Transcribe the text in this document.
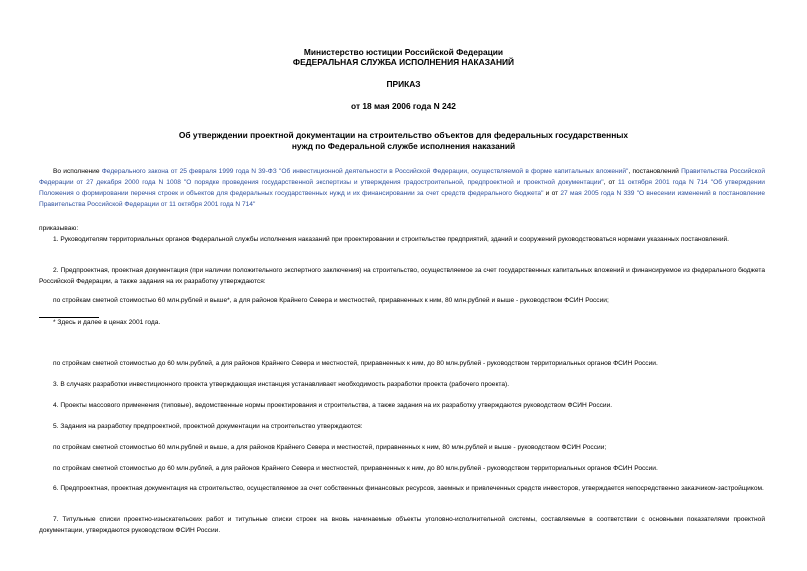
Министерство юстиции Российской Федерации
ФЕДЕРАЛЬНАЯ СЛУЖБА ИСПОЛНЕНИЯ НАКАЗАНИЙ
ПРИКАЗ
от 18 мая 2006 года N 242
Об утверждении проектной документации на строительство объектов для федеральных государственных
нужд по Федеральной службе исполнения наказаний
Во исполнение Федерального закона от 25 февраля 1999 года N 39-ФЗ "Об инвестиционной деятельности в Российской Федерации, осуществляемой в форме капитальных вложений", постановлений Правительства Российской Федерации от 27 декабря 2000 года N 1008 "О порядке проведения государственной экспертизы и утверждения градостроительной, предпроектной и проектной документации", от 11 октября 2001 года N 714 "Об утверждении Положения о формировании перечня строек и объектов для федеральных государственных нужд и их финансировании за счет средств федерального бюджета" и от 27 мая 2005 года N 339 "О внесении изменений в постановление Правительства Российской Федерации от 11 октября 2001 года N 714"
приказываю:
1. Руководителям территориальных органов Федеральной службы исполнения наказаний при проектировании и строительстве предприятий, зданий и сооружений руководствоваться нормами указанных постановлений.
2. Предпроектная, проектная документация (при наличии положительного экспертного заключения) на строительство, осуществляемое за счет государственных капитальных вложений и финансируемое из федерального бюджета Российской Федерации, а также задания на их разработку утверждаются:
по стройкам сметной стоимостью 60 млн.рублей и выше*, а для районов Крайнего Севера и местностей, приравненных к ним, 80 млн.рублей и выше - руководством ФСИН России;
* Здесь и далее в ценах 2001 года.
по стройкам сметной стоимостью до 60 млн.рублей, а для районов Крайнего Севера и местностей, приравненных к ним, до 80 млн.рублей - руководством территориальных органов ФСИН России.
3. В случаях разработки инвестиционного проекта утверждающая инстанция устанавливает необходимость разработки проекта (рабочего проекта).
4. Проекты массового применения (типовые), ведомственные нормы проектирования и строительства, а также задания на их разработку утверждаются руководством ФСИН России.
5. Задания на разработку предпроектной, проектной документации на строительство утверждаются:
по стройкам сметной стоимостью 60 млн.рублей и выше, а для районов Крайнего Севера и местностей, приравненных к ним, 80 млн.рублей и выше - руководством ФСИН России;
по стройкам сметной стоимостью до 60 млн.рублей, а для районов Крайнего Севера и местностей, приравненных к ним, до 80 млн.рублей - руководством территориальных органов ФСИН России.
6. Предпроектная, проектная документация на строительство, осуществляемое за счет собственных финансовых ресурсов, заемных и привлеченных средств инвесторов, утверждается непосредственно заказчиком-застройщиком.
7. Титульные списки проектно-изыскательских работ и титульные списки строек на вновь начинаемые объекты уголовно-исполнительной системы, составляемые в соответствии с основными показателями проектной документации, утверждаются руководством ФСИН России.
